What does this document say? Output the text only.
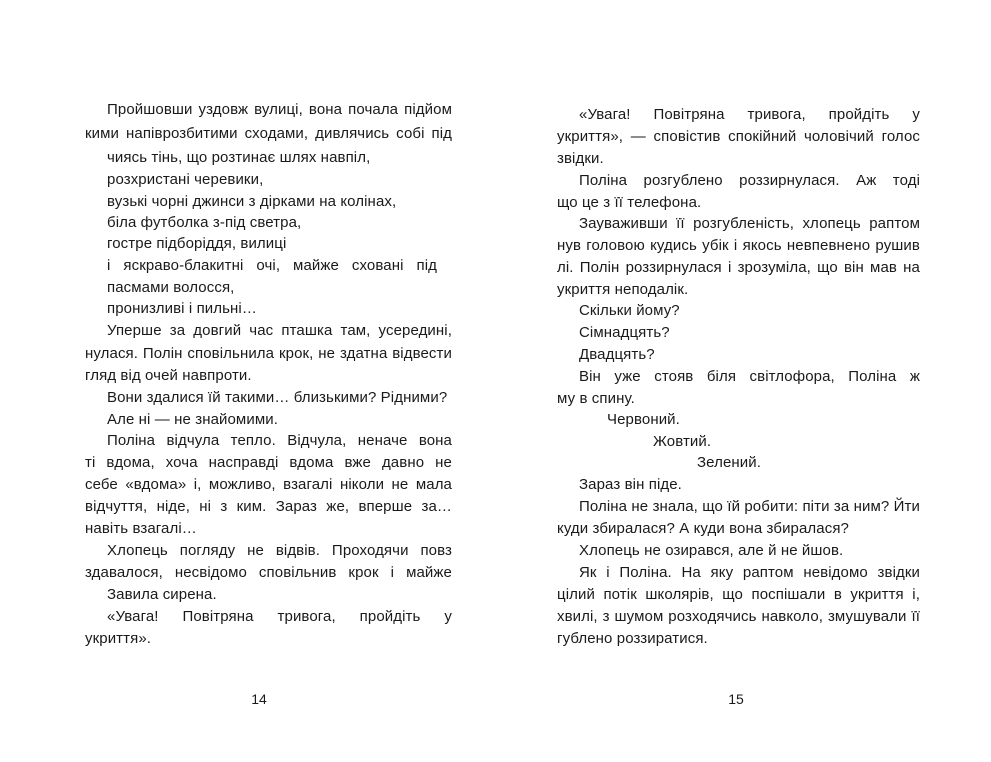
Пройшовши уздовж вулиці, вона почала підйом
кими напіврозбитими сходами, дивлячись собі під
чиясь тінь, що розтинає шлях навпіл,
розхристані черевики,
вузькі чорні джинси з дірками на колінах,
біла футболка з-під светра,
гостре підборіддя, вилиці
і яскраво-блакитні очі, майже сховані під
пасмами волосся,
пронизливі і пильні…
Уперше за довгий час пташка там, усередині,
нулася. Полін сповільнила крок, не здатна відвести
гляд від очей навпроти.
Вони здалися їй такими… близькими? Рідними?
Але ні — не знайомими.
Поліна відчула тепло. Відчула, неначе вона
ті вдома, хоча насправді вдома вже давно не
себе «вдома» і, можливо, взагалі ніколи не мала
відчуття, ніде, ні з ким. Зараз же, вперше за…
навіть взагалі…
Хлопець погляду не відвів. Проходячи повз
здавалося, несвідомо сповільнив крок і майже
Завила сирена.
«Увага! Повітряна тривога, пройдіть у
укриття».
14
«Увага! Повітряна тривога, пройдіть у
укриття», — сповістив спокійний чоловічий голос
звідки.
Поліна розгублено роззирнулася. Аж тоді
що це з її телефона.
Зауваживши її розгубленість, хлопець раптом
нув головою кудись убік і якось невпевнено рушив
лі. Полін роззирнулася і зрозуміла, що він мав на
укриття неподалік.
Скільки йому?
Сімнадцять?
Двадцять?
Він уже стояв біля світлофора, Поліна ж
му в спину.
Червоний.
Жовтий.
Зелений.
Зараз він піде.
Поліна не знала, що їй робити: піти за ним? Йти
куди збиралася? А куди вона збиралася?
Хлопець не озирався, але й не йшов.
Як і Поліна. На яку раптом невідомо звідки
цілий потік школярів, що поспішали в укриття і,
хвилі, з шумом розходячись навколо, змушували її
гублено роззиратися.
15
